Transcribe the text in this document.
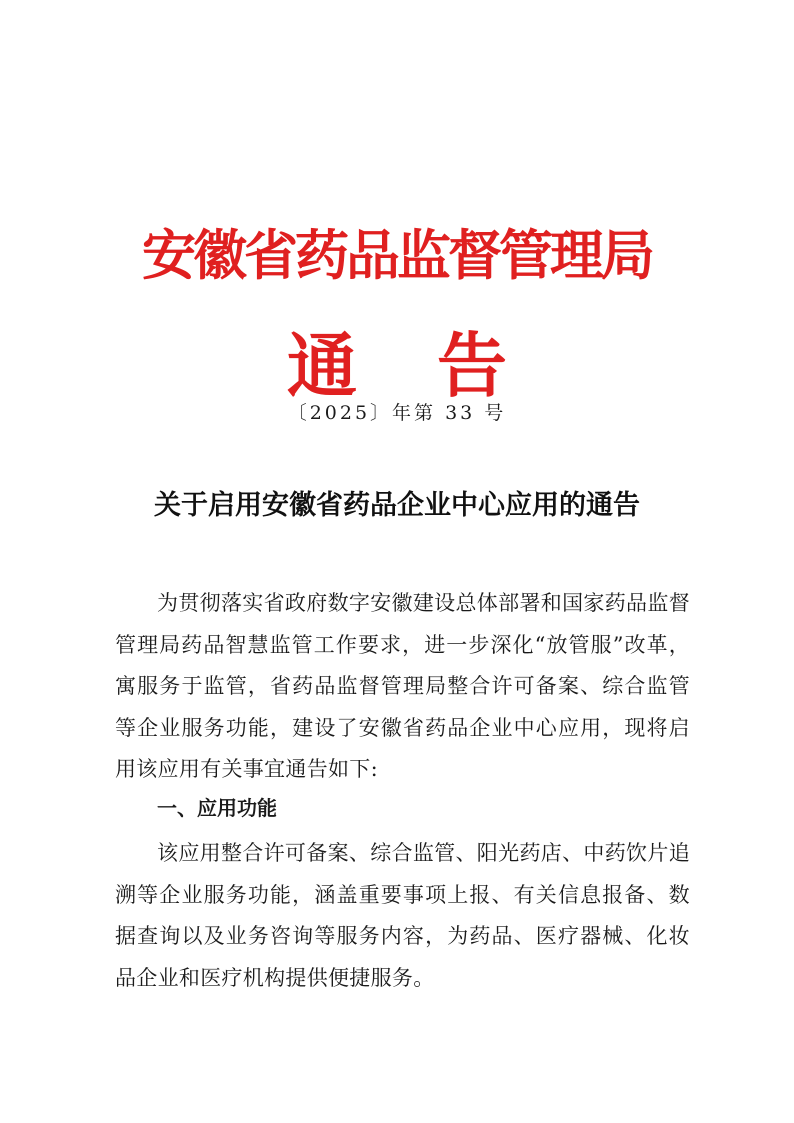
安徽省药品监督管理局
通 告
〔2025〕年第 33 号
关于启用安徽省药品企业中心应用的通告

为贯彻落实省政府数字安徽建设总体部署和国家药品监督管理局药品智慧监管工作要求，进一步深化“放管服”改革，寓服务于监管，省药品监督管理局整合许可备案、综合监管等企业服务功能，建设了安徽省药品企业中心应用，现将启用该应用有关事宜通告如下:

一、应用功能

该应用整合许可备案、综合监管、阳光药店、中药饮片追溯等企业服务功能，涵盖重要事项上报、有关信息报备、数据查询以及业务咨询等服务内容，为药品、医疗器械、化妆品企业和医疗机构提供便捷服务。
